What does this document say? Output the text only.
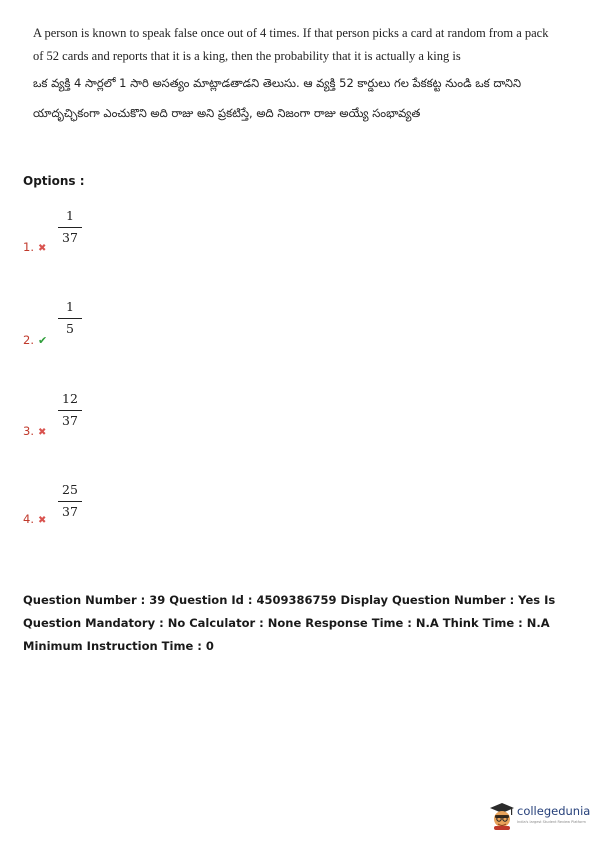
A person is known to speak false once out of 4 times. If that person picks a card at random from a pack of 52 cards and reports that it is a king, then the probability that it is actually a king is
ఒక వ్యక్తి 4 సార్లలో 1 సారి అసత్యం మాట్లాడతాడని తెలుసు. ఆ వ్యక్తి 52 కార్డులు గల పేకకట్ట నుండి ఒక దానిని యాదృచ్ఛికంగా ఎంచుకొని అది రాజు అని ప్రకటిస్తే, అది నిజంగా రాజు అయ్యే సంభావ్యత
Options :
1
37
1. ✖
1
5
2. ✔
12
37
3. ✖
25
37
4. ✖
Question Number : 39 Question Id : 4509386759 Display Question Number : Yes Is Question Mandatory : No Calculator : None Response Time : N.A Think Time : N.A Minimum Instruction Time : 0
collegedunia
India's largest Student Review Platform
